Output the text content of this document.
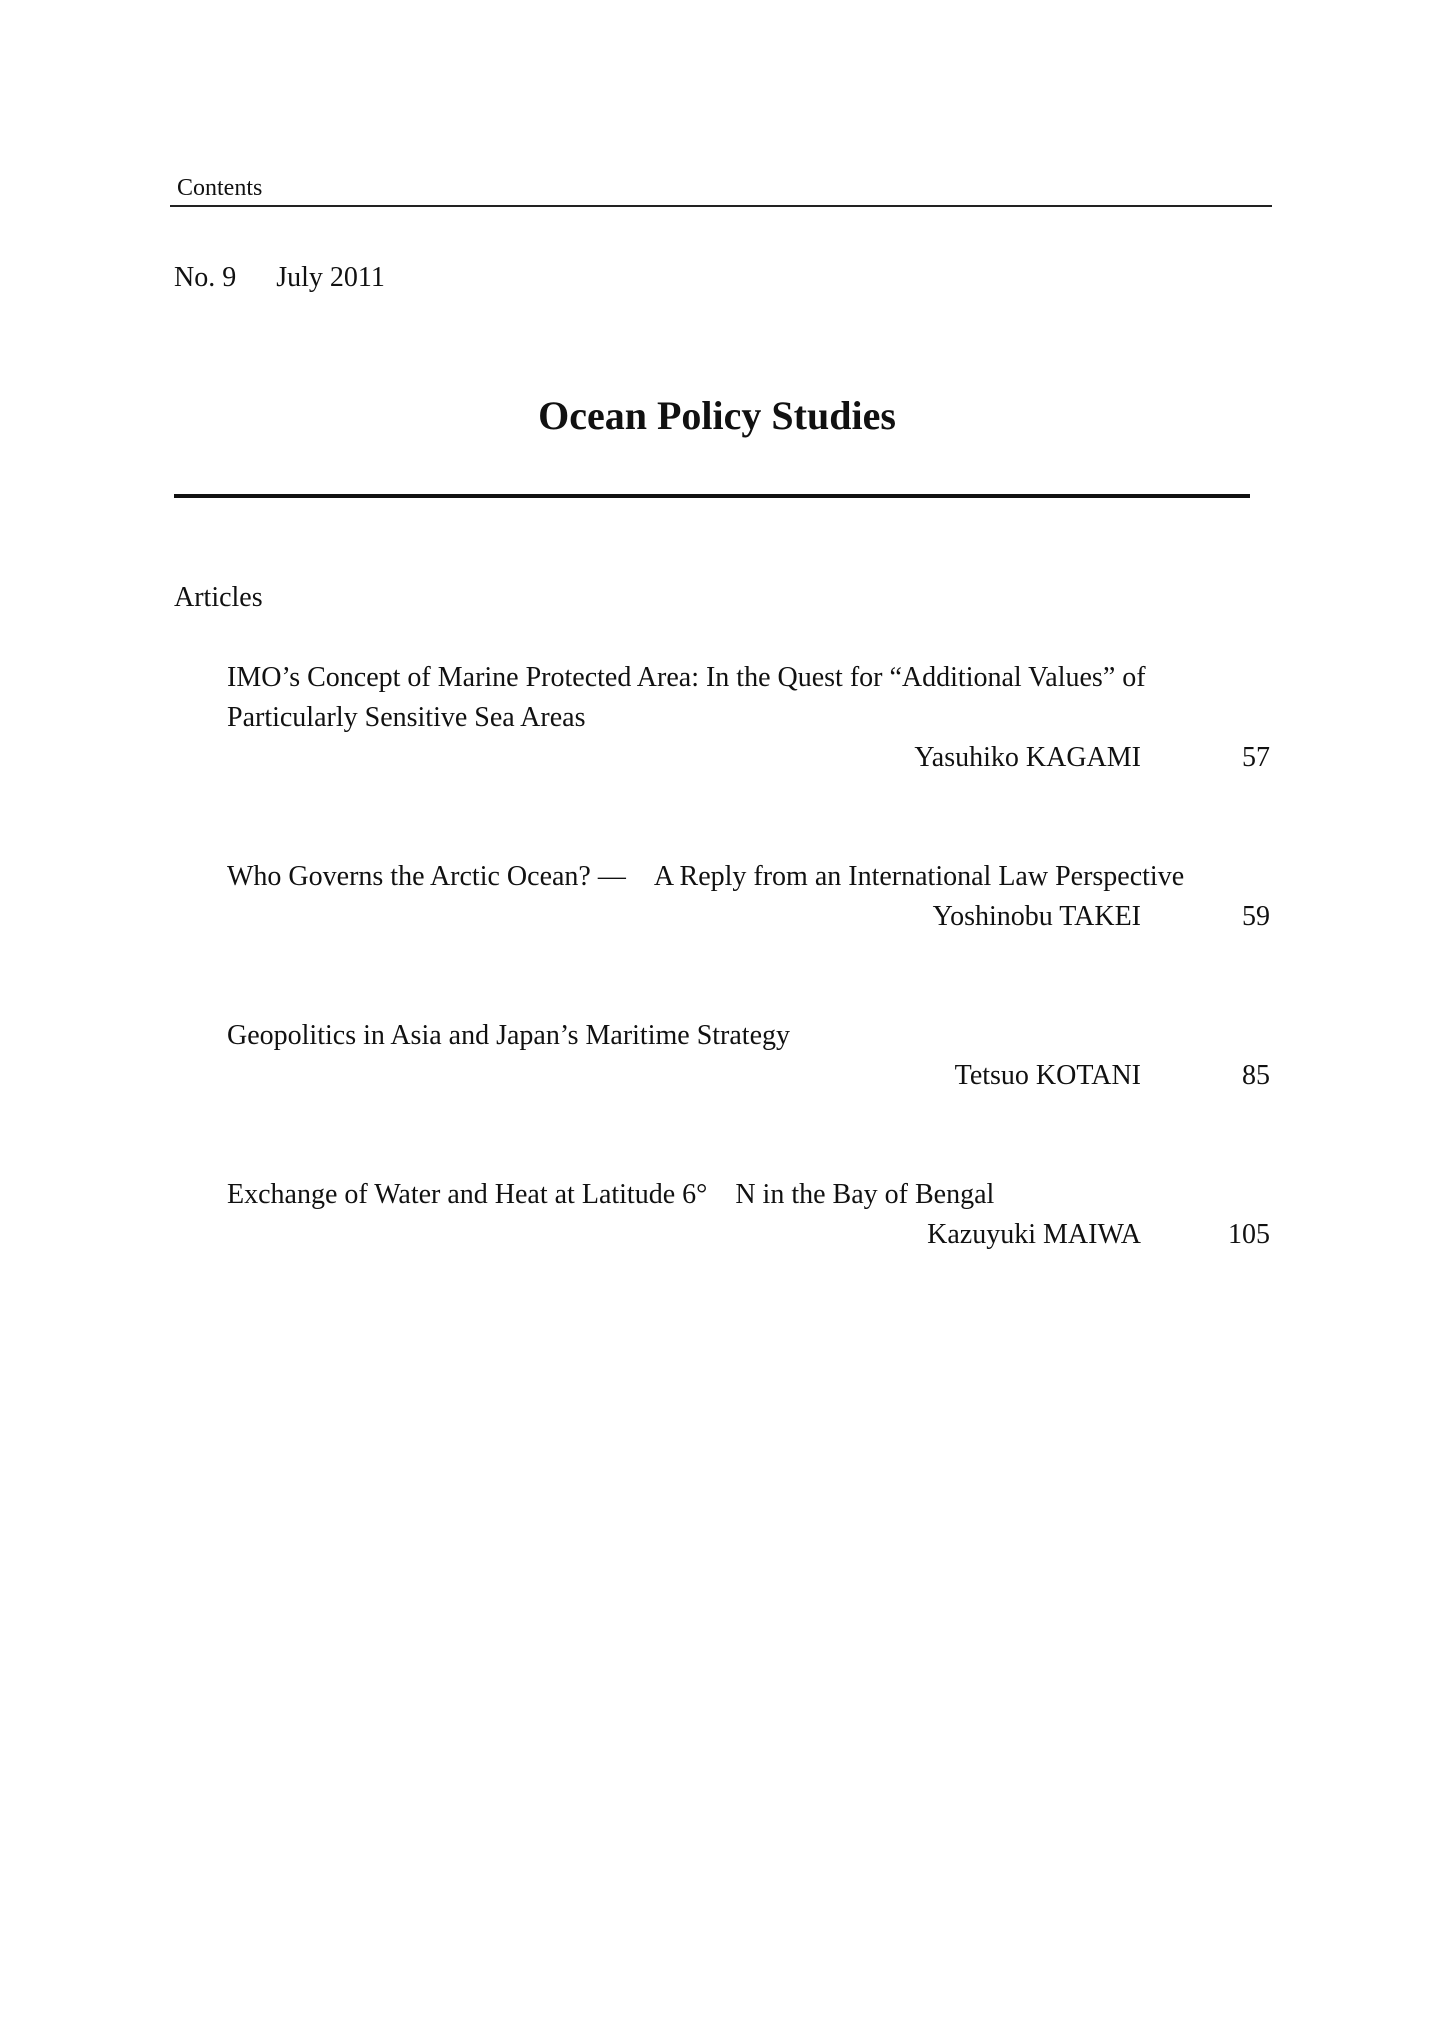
Contents
No. 9 July 2011
Ocean Policy Studies
Articles
IMO’s Concept of Marine Protected Area: In the Quest for “Additional Values” of Particularly Sensitive Sea Areas
Yasuhiko KAGAMI	57
Who Governs the Arctic Ocean? —　A Reply from an International Law Perspective
Yoshinobu TAKEI	59
Geopolitics in Asia and Japan’s Maritime Strategy
Tetsuo KOTANI	85
Exchange of Water and Heat at Latitude 6°　N in the Bay of Bengal
Kazuyuki MAIWA	105
